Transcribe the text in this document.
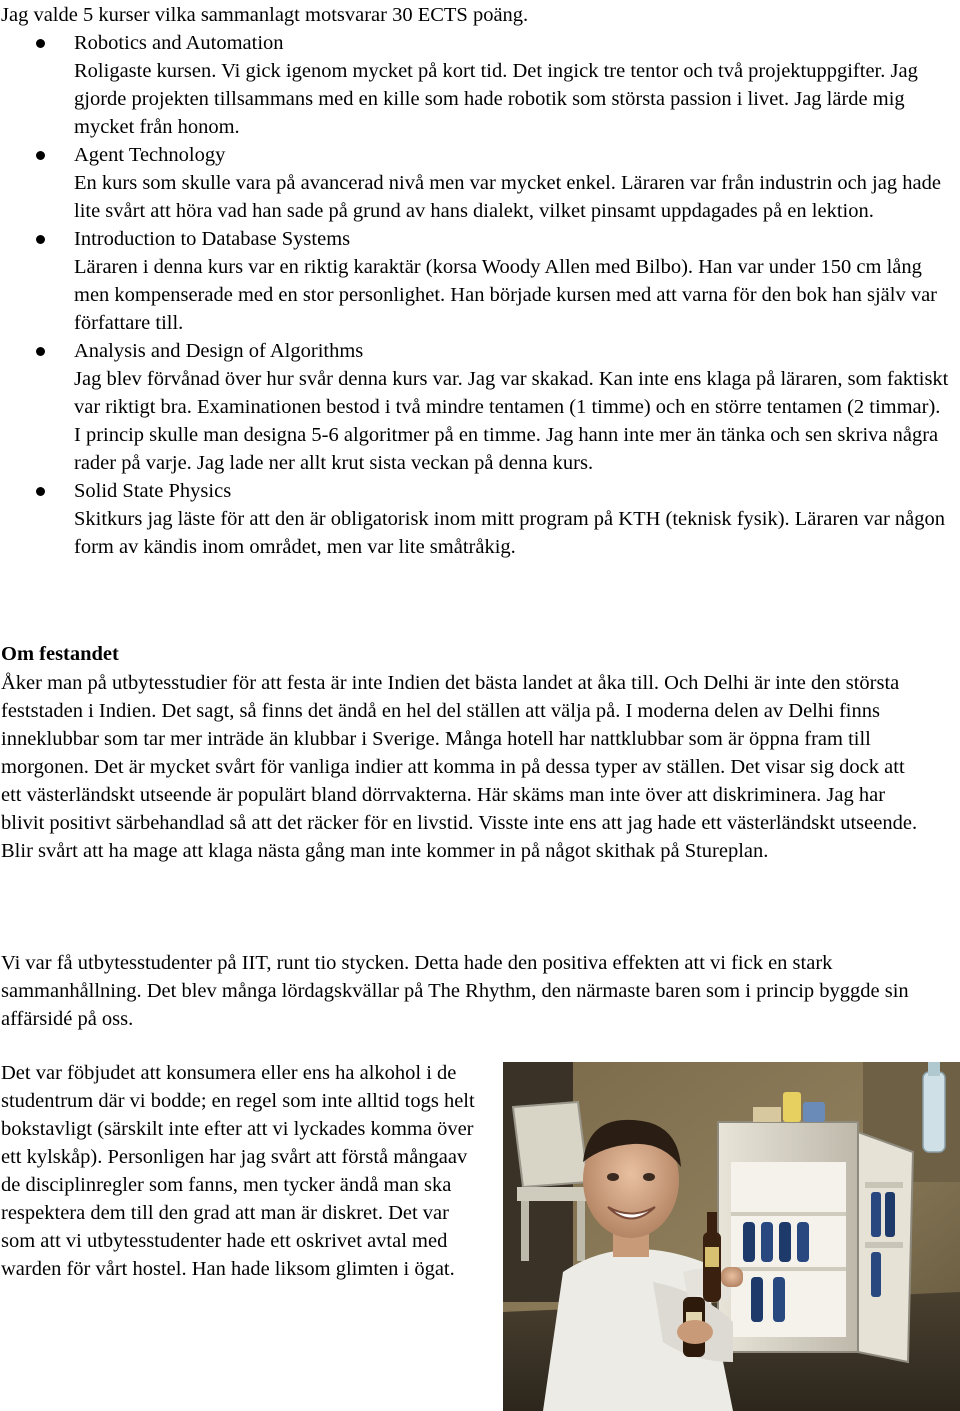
Jag valde 5 kurser vilka sammanlagt motsvarar 30 ECTS poäng.

Robotics and Automation
Roligaste kursen. Vi gick igenom mycket på kort tid. Det ingick tre tentor och två projektuppgifter. Jag gjorde projekten tillsammans med en kille som hade robotik som största passion i livet. Jag lärde mig mycket från honom.
Agent Technology
En kurs som skulle vara på avancerad nivå men var mycket enkel. Läraren var från industrin och jag hade lite svårt att höra vad han sade på grund av hans dialekt, vilket pinsamt uppdagades på en lektion.
Introduction to Database Systems
Läraren i denna kurs var en riktig karaktär (korsa Woody Allen med Bilbo). Han var under 150 cm lång men kompenserade med en stor personlighet. Han började kursen med att varna för den bok han själv var författare till.
Analysis and Design of Algorithms
Jag blev förvånad över hur svår denna kurs var. Jag var skakad. Kan inte ens klaga på läraren, som faktiskt var riktigt bra. Examinationen bestod i två mindre tentamen (1 timme) och en större tentamen (2 timmar). I princip skulle man designa 5-6 algoritmer på en timme. Jag hann inte mer än tänka och sen skriva några rader på varje. Jag lade ner allt krut sista veckan på denna kurs.
Solid State Physics
Skitkurs jag läste för att den är obligatorisk inom mitt program på KTH (teknisk fysik). Läraren var någon form av kändis inom området, men var lite småtråkig.
Om festandet

Åker man på utbytesstudier för att festa är inte Indien det bästa landet at åka till. Och Delhi är inte den största feststaden i Indien. Det sagt, så finns det ändå en hel del ställen att välja på. I moderna delen av Delhi finns inneklubbar som tar mer inträde än klubbar i Sverige. Många hotell har nattklubbar som är öppna fram till morgonen. Det är mycket svårt för vanliga indier att komma in på dessa typer av ställen. Det visar sig dock att ett västerländskt utseende är populärt bland dörrvakterna. Här skäms man inte över att diskriminera. Jag har blivit positivt särbehandlad så att det räcker för en livstid. Visste inte ens att jag hade ett västerländskt utseende. Blir svårt att ha mage att klaga nästa gång man inte kommer in på något skithak på Stureplan.

Vi var få utbytesstudenter på IIT, runt tio stycken. Detta hade den positiva effekten att vi fick en stark sammanhållning. Det blev många lördagskvällar på The Rhythm, den närmaste baren som i princip byggde sin affärsidé på oss.

Det var föbjudet att konsumera eller ens ha alkohol i de studentrum där vi bodde; en regel som inte alltid togs helt bokstavligt (särskilt inte efter att vi lyckades komma över ett kylskåp). Personligen har jag svårt att förstå mångaav de disciplinregler som fanns, men tycker ändå man ska respektera dem till den grad att man är diskret. Det var som att vi utbytesstudenter hade ett oskrivet avtal med warden för vårt hostel. Han hade liksom glimten i ögat.
